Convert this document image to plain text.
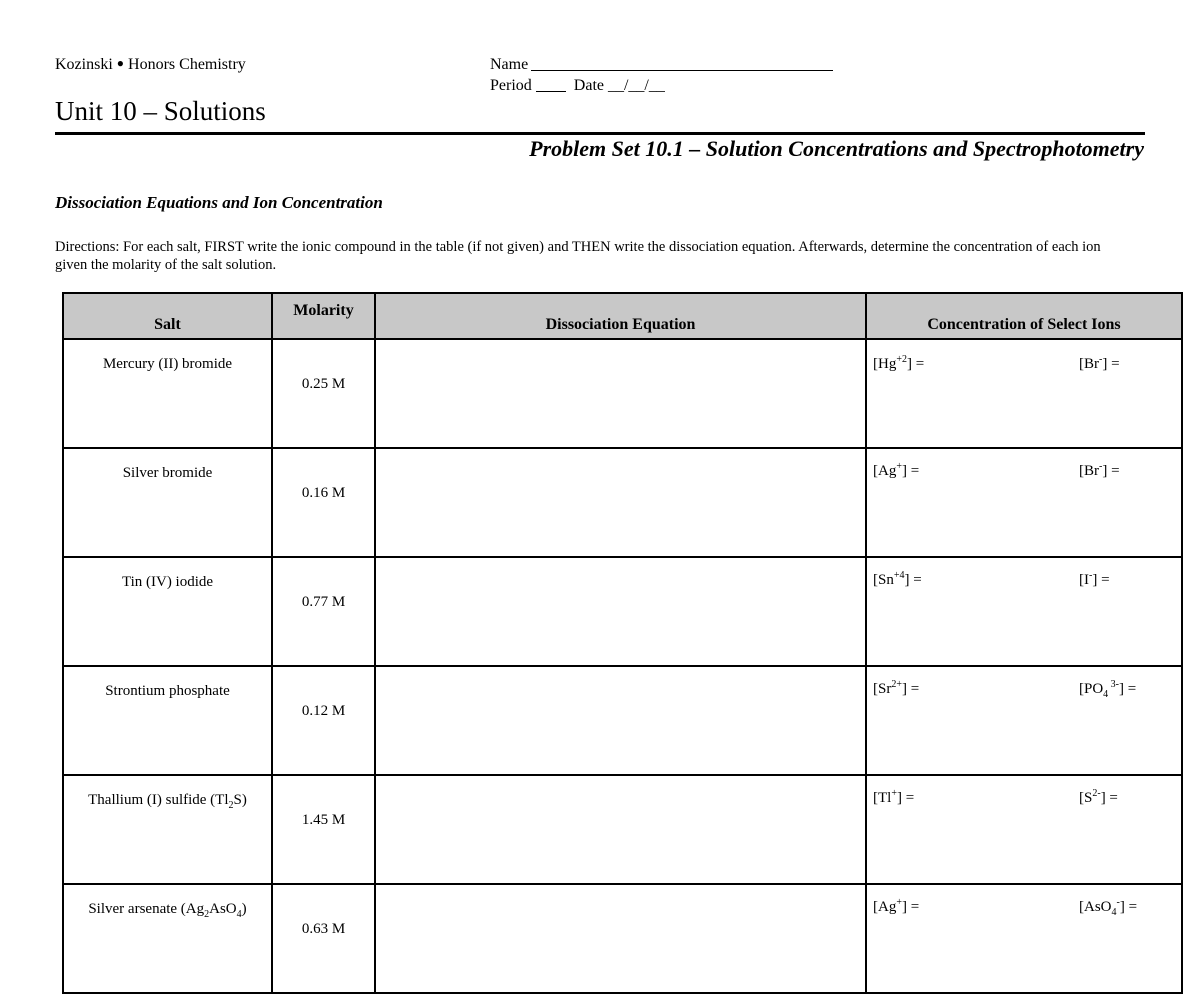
Kozinski ● Honors Chemistry	Name
Period	Date __/__/__
Unit 10 – Solutions
Problem Set 10.1 – Solution Concentrations and Spectrophotometry
Dissociation Equations and Ion Concentration
Directions: For each salt, FIRST write the ionic compound in the table (if not given) and THEN write the dissociation equation. Afterwards, determine the concentration of each ion given the molarity of the salt solution.
Salt	Molarity	Dissociation Equation	Concentration of Select Ions
Mercury (II) bromide	0.25 M		$[Hg^{+2}] = [Br^-]$ =

Silver bromide	0.16 M		[Ag+] = [Br-] =

Tin (IV) iodide	0.77 M		$[Sn^{+4}] = [I^-]$ =

Strontium phosphate	0.12 M		$[Sr^{2+}] = [PO_4$ $^{3-}$] =

Thallium (I) sulfide $(Tl_2S)$	1.45 M		$[Tl^+] = [S^{2-}]$ =

Silver arsenate $(Ag_2AsO_4)$	0.63 M		[Ag+] = [AsO$_4$-] =
